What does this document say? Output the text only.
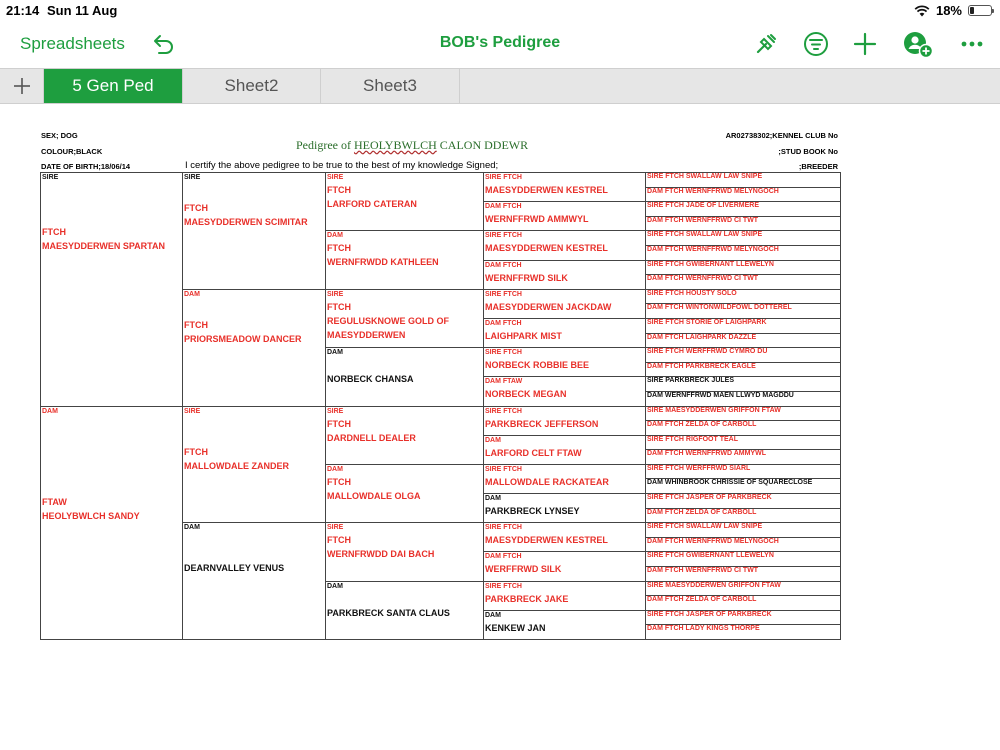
21:14 Sun 11 Aug	18%
Spreadsheets	BOB's Pedigree
5 Gen Ped	Sheet2	Sheet3
SEX; DOG
COLOUR;BLACK
DATE OF BIRTH;18/06/14
Pedigree of HEOLYBWLCH CALON DDEWR
I certify the above pedigree to be true to the best of my knowledge Signed;
AR02738302;KENNEL CLUB No
;STUD BOOK No
;BREEDER
SIRE
FTCH
MAESYDDERWEN SPARTAN	SIRE
FTCH
MAESYDDERWEN SCIMITAR	SIRE
FTCH
LARFORD CATERAN	SIRE FTCH
MAESYDDERWEN KESTREL	SIRE FTCH SWALLAW LAW SNIPE
				DAM FTCH WERNFFRWD MELYNGOCH

			DAM FTCH
WERNFFRWD AMMWYL	SIRE FTCH JADE OF LIVERMERE
				DAM FTCH WERNFFRWD CI TWT

		DAM
FTCH
WERNFRWDD KATHLEEN	SIRE FTCH
MAESYDDERWEN KESTREL	SIRE FTCH SWALLAW LAW SNIPE
				DAM FTCH WERNFFRWD MELYNGOCH

			DAM FTCH
WERNFFRWD SILK	SIRE FTCH GWIBERNANT LLEWELYN
				DAM FTCH WERNFFRWD CI TWT

	DAM
FTCH
PRIORSMEADOW DANCER	SIRE
FTCH
REGULUSKNOWE GOLD OF
MAESYDDERWEN	SIRE FTCH
MAESYDDERWEN JACKDAW	SIRE FTCH HOUSTY SOLO
				DAM FTCH WINTONWILDFOWL DOTTEREL

			DAM FTCH
LAIGHPARK MIST	SIRE FTCH STORIE OF LAIGHPARK
				DAM FTCH LAIGHPARK DAZZLE

		DAM
NORBECK CHANSA	SIRE FTCH
NORBECK ROBBIE BEE	SIRE FTCH WERFFRWD CYMRO DU
				DAM FTCH PARKBRECK EAGLE

			DAM FTAW
NORBECK MEGAN	SIRE PARKBRECK JULES
				DAM WERNFFRWD MAEN LLWYD MAGDDU

DAM
FTAW
HEOLYBWLCH SANDY	SIRE
FTCH
MALLOWDALE ZANDER	SIRE
FTCH
DARDNELL DEALER	SIRE FTCH
PARKBRECK JEFFERSON	SIRE MAESYDDERWEN GRIFFON FTAW
				DAM FTCH ZELDA OF CARBOLL

			DAM
LARFORD CELT FTAW	SIRE FTCH RIGFOOT TEAL
				DAM FTCH WERNFFRWD AMMYWL

		DAM
FTCH
MALLOWDALE OLGA	SIRE FTCH
MALLOWDALE RACKATEAR	SIRE FTCH WERFFRWD SIARL
				DAM WHINBROOK CHRISSIE OF SQUARECLOSE

			DAM
PARKBRECK LYNSEY	SIRE FTCH JASPER OF PARKBRECK
				DAM FTCH ZELDA OF CARBOLL

	DAM
DEARNVALLEY VENUS	SIRE
FTCH
WERNFRWDD DAI BACH	SIRE FTCH
MAESYDDERWEN KESTREL	SIRE FTCH SWALLAW LAW SNIPE
				DAM FTCH WERNFFRWD MELYNGOCH

			DAM FTCH
WERFFRWD SILK	SIRE FTCH GWIBERNANT LLEWELYN
				DAM FTCH WERNFFRWD CI TWT

		DAM
PARKBRECK SANTA CLAUS	SIRE FTCH
PARKBRECK JAKE	SIRE MAESYDDERWEN GRIFFON FTAW
				DAM FTCH ZELDA OF CARBOLL

			DAM
KENKEW JAN	SIRE FTCH JASPER OF PARKBRECK
				DAM FTCH LADY KINGS THORPE
